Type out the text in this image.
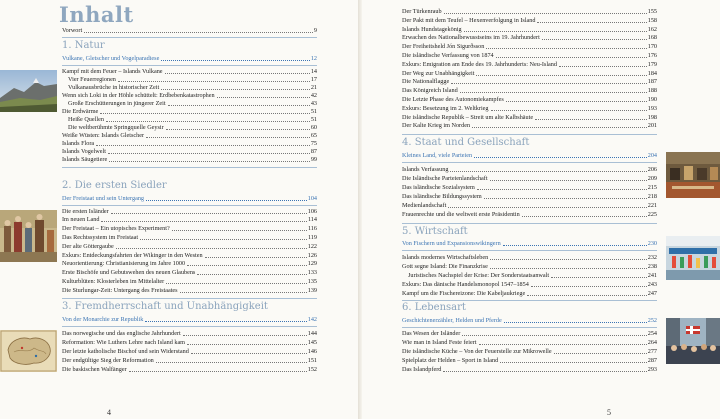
Inhalt
Vorwort	9
1. Natur
Vulkane, Gletscher und Vogelparadiese	12
Kampf mit dem Feuer – Islands Vulkane	14
Vier Feuerregionen	17
Vulkanausbrüche in historischer Zeit	21
Wenn sich Loki in der Höhle schüttelt: Erdbebenkatastrophen	42
Große Erschütterungen in jüngerer Zeit	43
Die Erdwärme	51
Heiße Quellen	51
Die weltberühmte Springquelle Geysir	60
Weiße Wüsten: Islands Gletscher	65
Islands Flora	75
Islands Vogelwelt	87
Islands Säugetiere	99
2. Die ersten Siedler
Der Freistaat und sein Untergang	104
Die ersten Isländer	106
Im neuen Land	114
Der Freistaat – Ein utopisches Experiment?	116
Das Rechtssystem im Freistaat	119
Der alte Göttergaube	122
Exkurs: Entdeckungsfahrten der Wikinger in den Westen	126
Neuorientierung: Christianisierung im Jahre 1000	129
Erste Bischöfe und Gebutswehen des neuen Glaubens	133
Kulturblüten: Klosterleben im Mittelalter	135
Die Sturlungar-Zeit: Untergang des Freistaates	139
3. Fremdherrschaft und Unabhängigkeit
Von der Monarchie zur Republik	142
Das norwegische und das englische Jahrhundert	144
Reformation: Wie Luthers Lehre nach Island kam	145
Der letzte katholische Bischof und sein Widerstand	146
Der endgültige Sieg der Reformation	151
Die baskischen Walfänger	152
4
Der Türkenraub	155
Der Pakt mit dem Teufel – Hexenverfolgung in Island	158
Islands Hundstagekönig	162
Erwachen des Nationalbewusstseins im 19. Jahrhundert	168
Der Freiheitsheld Jón Sigurðsson	170
Die isländische Verfassung von 1874	176
Exkurs: Emigration am Ende des 19. Jahrhunderts: Neu-Island	179
Der Weg zur Unabhängigkeit	184
Die Nationalflagge	187
Das Königreich Island	188
Die Letzte Phase des Autonomiekampfes	190
Exkurs: Besetzung im 2. Weltkrieg	193
Die isländische Republik – Streit um alte Kalbshäute	198
Der Kalte Krieg im Norden	201
4. Staat und Gesellschaft
Kleines Land, viele Parteien	204
Islands Verfassung	206
Die Isländische Parteienlandschaft	209
Das isländische Sozialsystem	215
Das isländische Bildungssystem	218
Medienlandschaft	221
Frauenrechte und die weltweit erste Präsidentin	225
5. Wirtschaft
Von Fischern und Expansionswikingern	230
Islands modernes Wirtschaftsleben	232
Gott segne Island: Die Finanzkrise	238
Juristisches Nachspiel der Krise: Der Sonderstaatsanwalt	241
Exkurs: Das dänische Handelsmonopol 1547–1854	243
Kampf um die Fischereizone: Die Kabeljaukriege	247
6. Lebensart
Geschichtenerzähler, Helden und Pferde	252
Das Wesen der Isländer	254
Wie man in Island Feste feiert	264
Die isländische Küche – Von der Feuerstelle zur Mikrowelle	277
Spielplatz der Helden – Sport in Island	287
Das Islandpferd	293
5
